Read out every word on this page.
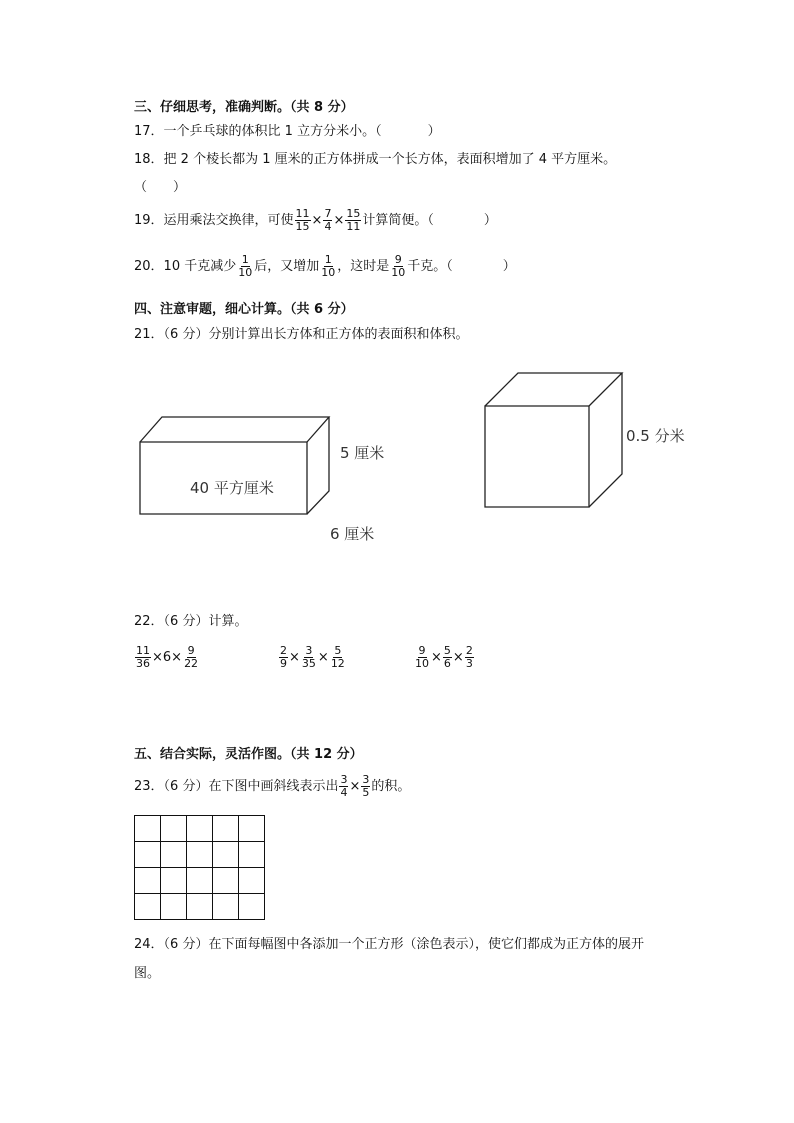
三、仔细思考，准确判断。（共 8 分）
17．一个乒乓球的体积比 1 立方分米小。（	）
18．把 2 个棱长都为 1 厘米的正方体拼成一个长方体，表面积增加了 4 平方厘米。
（ ）
19．运用乘法交换律，可使 $\frac{11}{15} \times \frac{7}{4} \times \frac{15}{11}$ 计算简便。（	）
20．10 千克减少 $\frac{1}{10}$ 后，又增加 $\frac{1}{10}$ ，这时是 $\frac{9}{10}$ 千克。（	）
四、注意审题，细心计算。（共 6 分）
21．（6 分）分别计算出长方体和正方体的表面积和体积。
40 平方厘米
5 厘米
6 厘米
0.5 分米
22．（6 分）计算。
$\frac{11}{36} \times 6\times \frac{9}{22}$	$\frac{2}{9} \times \frac{3}{35} \times \frac{5}{12}$	$\frac{9}{10} \times \frac{5}{6} \times \frac{2}{3}$
五、结合实际，灵活作图。（共 12 分）
23．（6 分）在下图中画斜线表示出 $\frac{3}{4} \times \frac{3}{5}$ 的积。

24．（6 分）在下面每幅图中各添加一个正方形（涂色表示），使它们都成为正方体的展开
图。
